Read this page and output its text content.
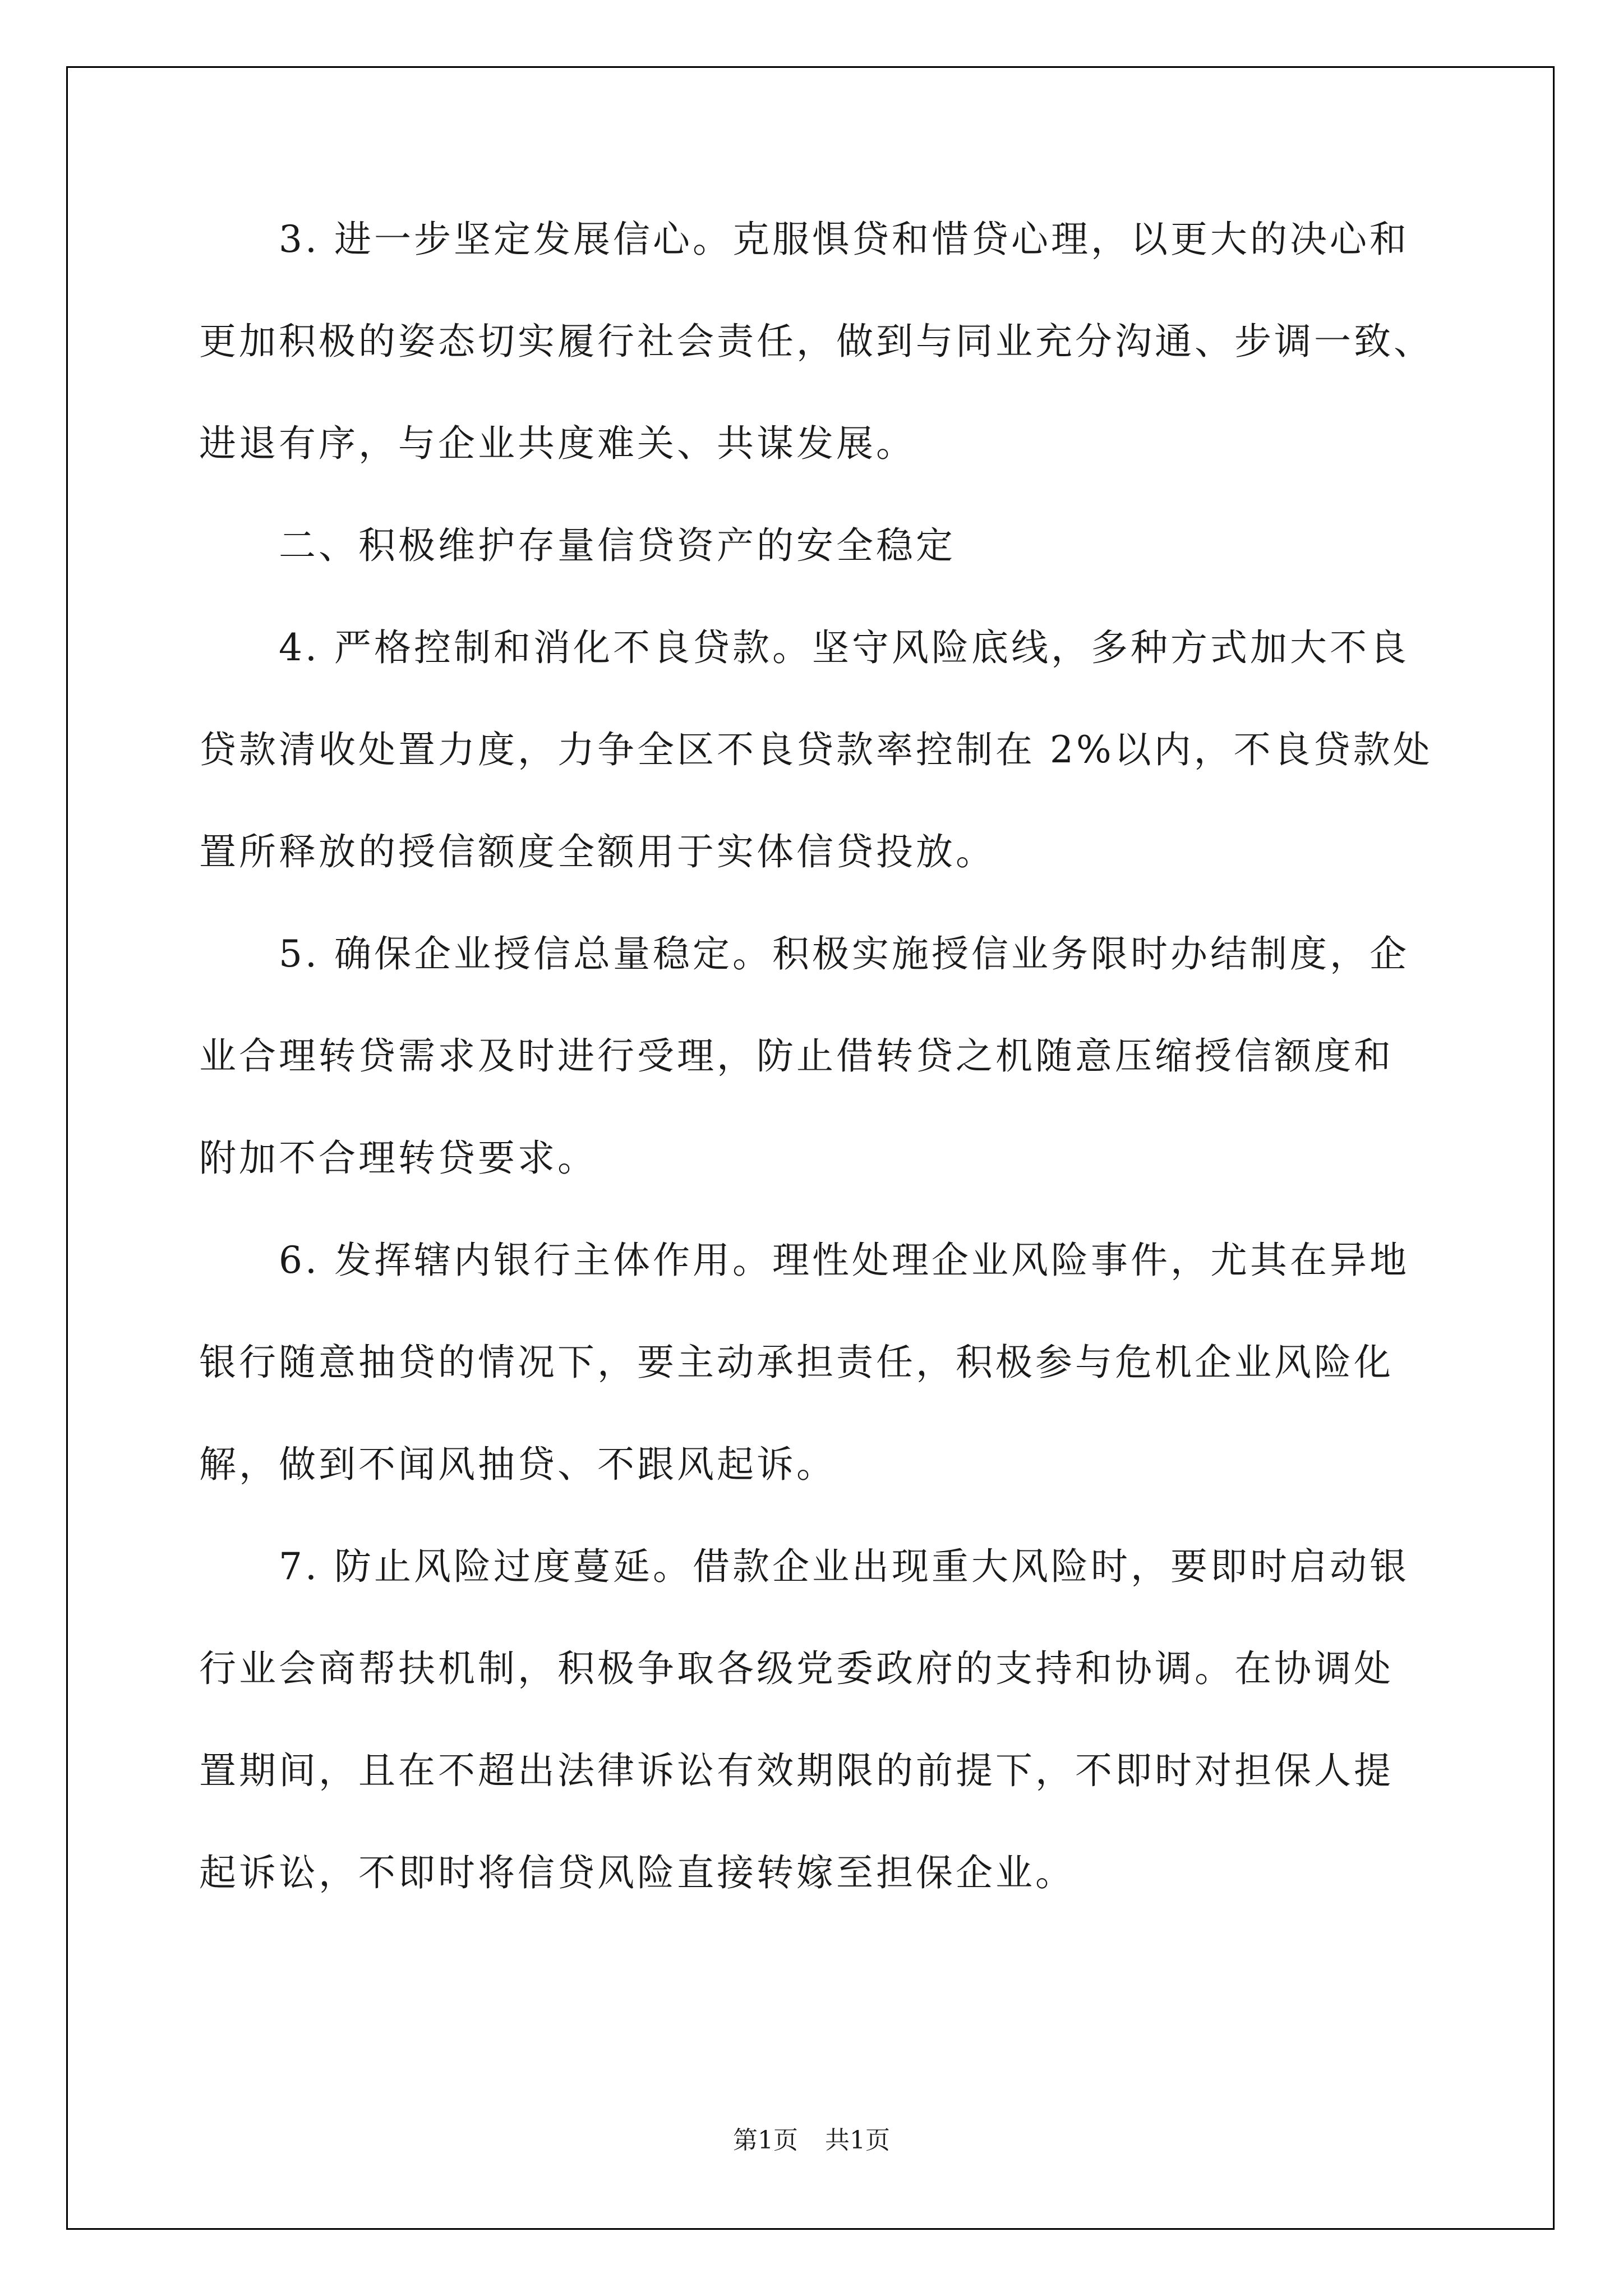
　　3. 进一步坚定发展信心。克服惧贷和惜贷心理，以更大的决心和
更加积极的姿态切实履行社会责任，做到与同业充分沟通、步调一致、
进退有序，与企业共度难关、共谋发展。
　　二、积极维护存量信贷资产的安全稳定
　　4. 严格控制和消化不良贷款。坚守风险底线，多种方式加大不良
贷款清收处置力度，力争全区不良贷款率控制在 2%以内，不良贷款处
置所释放的授信额度全额用于实体信贷投放。
　　5. 确保企业授信总量稳定。积极实施授信业务限时办结制度，企
业合理转贷需求及时进行受理，防止借转贷之机随意压缩授信额度和
附加不合理转贷要求。
　　6. 发挥辖内银行主体作用。理性处理企业风险事件，尤其在异地
银行随意抽贷的情况下，要主动承担责任，积极参与危机企业风险化
解，做到不闻风抽贷、不跟风起诉。
　　7. 防止风险过度蔓延。借款企业出现重大风险时，要即时启动银
行业会商帮扶机制，积极争取各级党委政府的支持和协调。在协调处
置期间，且在不超出法律诉讼有效期限的前提下，不即时对担保人提
起诉讼，不即时将信贷风险直接转嫁至担保企业。
第1页 共1页
